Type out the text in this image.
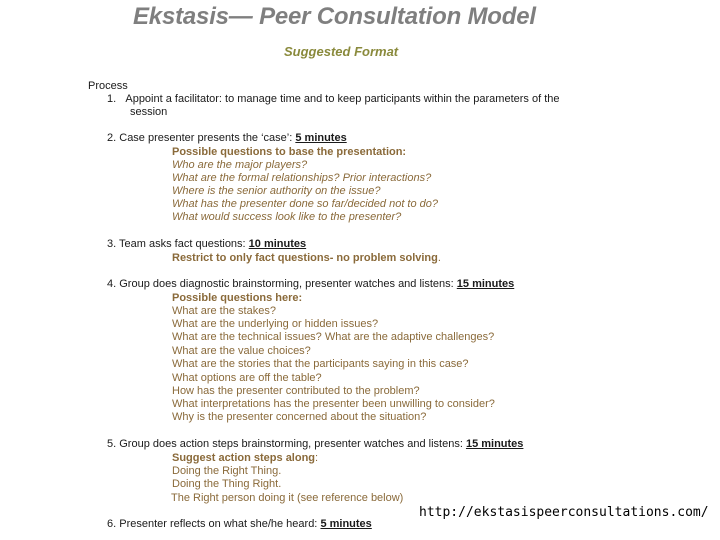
Ekstasis— Peer Consultation Model
Suggested Format
Process
1. Appoint a facilitator: to manage time and to keep participants within the parameters of the
session
2. Case presenter presents the ‘case’: 5 minutes
Possible questions to base the presentation:
Who are the major players?
What are the formal relationships? Prior interactions?
Where is the senior authority on the issue?
What has the presenter done so far/decided not to do?
What would success look like to the presenter?
3. Team asks fact questions: 10 minutes
Restrict to only fact questions- no problem solving.
4. Group does diagnostic brainstorming, presenter watches and listens: 15 minutes
Possible questions here:
What are the stakes?
What are the underlying or hidden issues?
What are the technical issues? What are the adaptive challenges?
What are the value choices?
What are the stories that the participants saying in this case?
What options are off the table?
How has the presenter contributed to the problem?
What interpretations has the presenter been unwilling to consider?
Why is the presenter concerned about the situation?
5. Group does action steps brainstorming, presenter watches and listens: 15 minutes
Suggest action steps along:
Doing the Right Thing.
Doing the Thing Right.
The Right person doing it (see reference below)
6. Presenter reflects on what she/he heard: 5 minutes
http://ekstasispeerconsultations.com/
